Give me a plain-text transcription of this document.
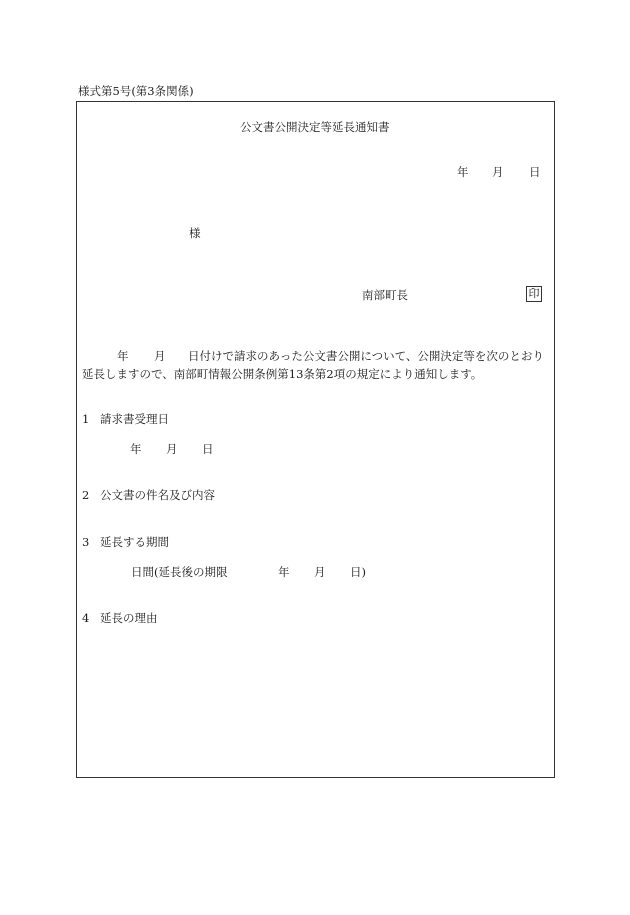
様式第5号(第3条関係)
公文書公開決定等延長通知書
年 月 日
様
南部町長	印
年 月 日付けで請求のあった公文書公開について、公開決定等を次のとおり
延長しますので、南部町情報公開条例第13条第2項の規定により通知します。
1 請求書受理日
年 月 日
2 公文書の件名及び内容
3 延長する期間
日間(延長後の期限	年 月 日)
4 延長の理由
